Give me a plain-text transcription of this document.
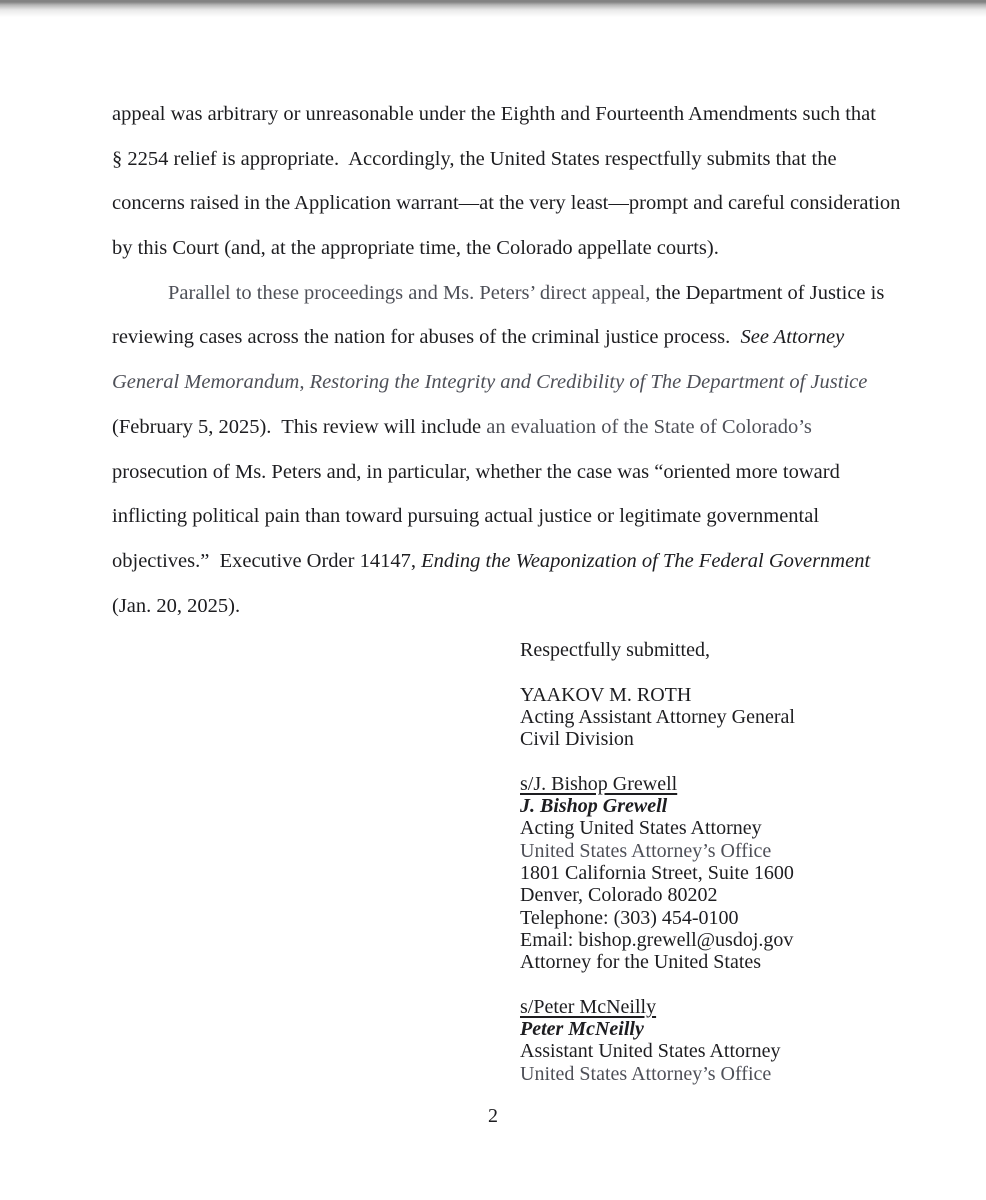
appeal was arbitrary or unreasonable under the Eighth and Fourteenth Amendments such that
§ 2254 relief is appropriate.  Accordingly, the United States respectfully submits that the
concerns raised in the Application warrant—at the very least—prompt and careful consideration
by this Court (and, at the appropriate time, the Colorado appellate courts).
Parallel to these proceedings and Ms. Peters’ direct appeal, the Department of Justice is
reviewing cases across the nation for abuses of the criminal justice process.  See Attorney
General Memorandum, Restoring the Integrity and Credibility of The Department of Justice
(February 5, 2025).  This review will include an evaluation of the State of Colorado’s
prosecution of Ms. Peters and, in particular, whether the case was “oriented more toward
inflicting political pain than toward pursuing actual justice or legitimate governmental
objectives.”  Executive Order 14147, Ending the Weaponization of The Federal Government
(Jan. 20, 2025).
Respectfully submitted,
YAAKOV M. ROTH
Acting Assistant Attorney General
Civil Division
s/J. Bishop Grewell
J. Bishop Grewell
Acting United States Attorney
United States Attorney’s Office
1801 California Street, Suite 1600
Denver, Colorado 80202
Telephone: (303) 454-0100
Email: bishop.grewell@usdoj.gov
Attorney for the United States
s/Peter McNeilly
Peter McNeilly
Assistant United States Attorney
United States Attorney’s Office
2
